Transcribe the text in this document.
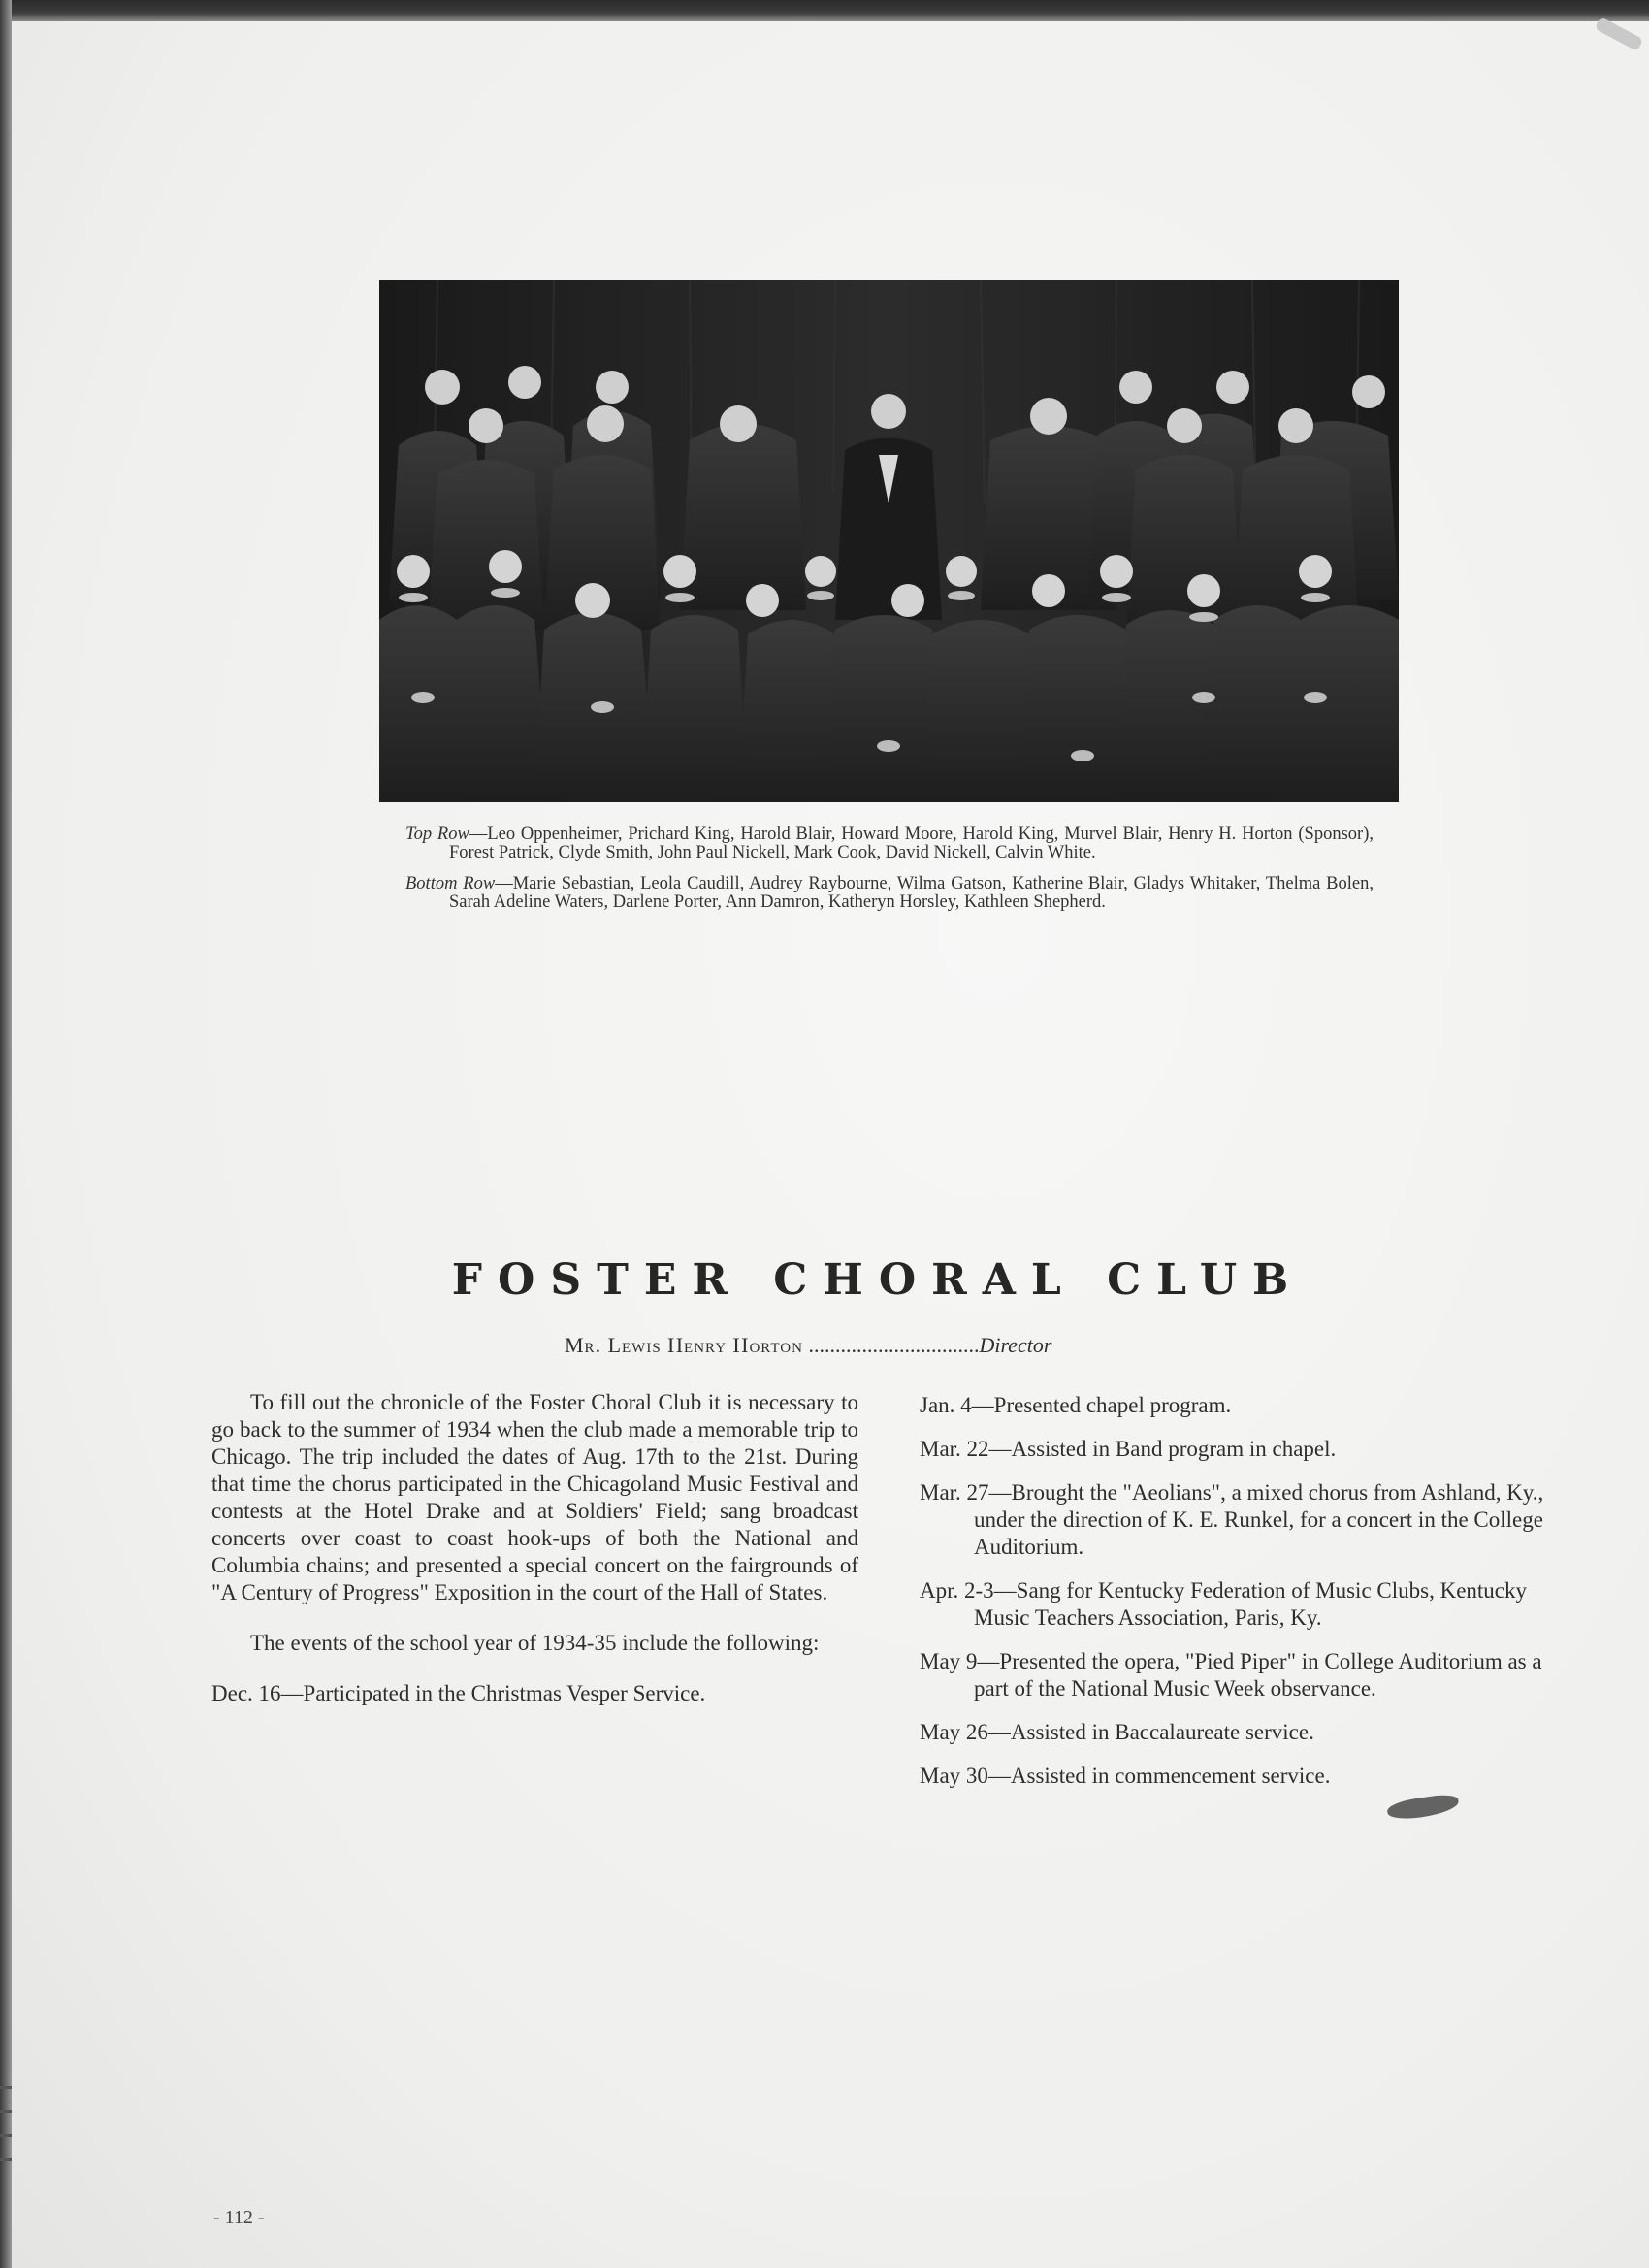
Top Row—Leo Oppenheimer, Prichard King, Harold Blair, Howard Moore, Harold King, Murvel Blair, Henry H. Horton (Sponsor), Forest Patrick, Clyde Smith, John Paul Nickell, Mark Cook, David Nickell, Calvin White.

Bottom Row—Marie Sebastian, Leola Caudill, Audrey Raybourne, Wilma Gatson, Katherine Blair, Gladys Whitaker, Thelma Bolen, Sarah Adeline Waters, Darlene Porter, Ann Damron, Katheryn Horsley, Kathleen Shepherd.

FOSTER CHORAL CLUB
Mr. Lewis Henry Horton ................................Director

To fill out the chronicle of the Foster Choral Club it is necessary to go back to the summer of 1934 when the club made a memorable trip to Chicago. The trip included the dates of Aug. 17th to the 21st. During that time the chorus participated in the Chicagoland Music Festival and contests at the Hotel Drake and at Soldiers' Field; sang broadcast concerts over coast to coast hook-ups of both the National and Columbia chains; and presented a special concert on the fairgrounds of "A Century of Progress" Exposition in the court of the Hall of States.

The events of the school year of 1934-35 include the following:

Dec. 16—Participated in the Christmas Vesper Service.

Jan. 4—Presented chapel program.

Mar. 22—Assisted in Band program in chapel.

Mar. 27—Brought the "Aeolians", a mixed chorus from Ashland, Ky., under the direction of K. E. Runkel, for a concert in the College Auditorium.

Apr. 2-3—Sang for Kentucky Federation of Music Clubs, Kentucky Music Teachers Association, Paris, Ky.

May 9—Presented the opera, "Pied Piper" in College Auditorium as a part of the National Music Week observance.

May 26—Assisted in Baccalaureate service.

May 30—Assisted in commencement service.

- 112 -
